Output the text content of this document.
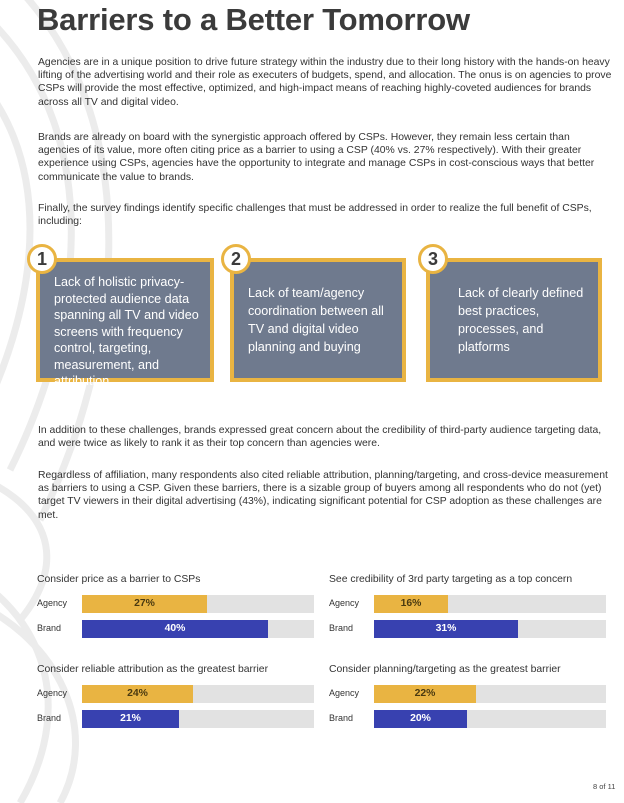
Barriers to a Better Tomorrow

Agencies are in a unique position to drive future strategy within the industry due to their long history with the hands-on heavy lifting of the advertising world and their role as executers of budgets, spend, and allocation. The onus is on agencies to prove CSPs will provide the most effective, optimized, and high-impact means of reaching highly-coveted audiences for brands across all TV and digital video.

Brands are already on board with the synergistic approach offered by CSPs. However, they remain less certain than agencies of its value, more often citing price as a barrier to using a CSP (40% vs. 27% respectively). With their greater experience using CSPs, agencies have the opportunity to integrate and manage CSPs in cost-conscious ways that better communicate the value to brands.

Finally, the survey findings identify specific challenges that must be addressed in order to realize the full benefit of CSPs, including:

1
Lack of holistic privacy-protected audience data spanning all TV and video screens with frequency control, targeting, measurement, and attribution
2
Lack of team/agency coordination between all TV and digital video planning and buying
3
Lack of clearly defined best practices, processes, and platforms

In addition to these challenges, brands expressed great concern about the credibility of third-party audience targeting data, and were twice as likely to rank it as their top concern than agencies were.

Regardless of affiliation, many respondents also cited reliable attribution, planning/targeting, and cross-device measurement as barriers to using a CSP. Given these barriers, there is a sizable group of buyers among all respondents who do not (yet) target TV viewers in their digital advertising (43%), indicating significant potential for CSP adoption as these challenges are met.

Consider price as a barrier to CSPs
Agency	27%
Brand	40%
See credibility of 3rd party targeting as a top concern
Agency	16%
Brand	31%
Consider reliable attribution as the greatest barrier
Agency	24%
Brand	21%
Consider planning/targeting as the greatest barrier
Agency	22%
Brand	20%
8 of 11
